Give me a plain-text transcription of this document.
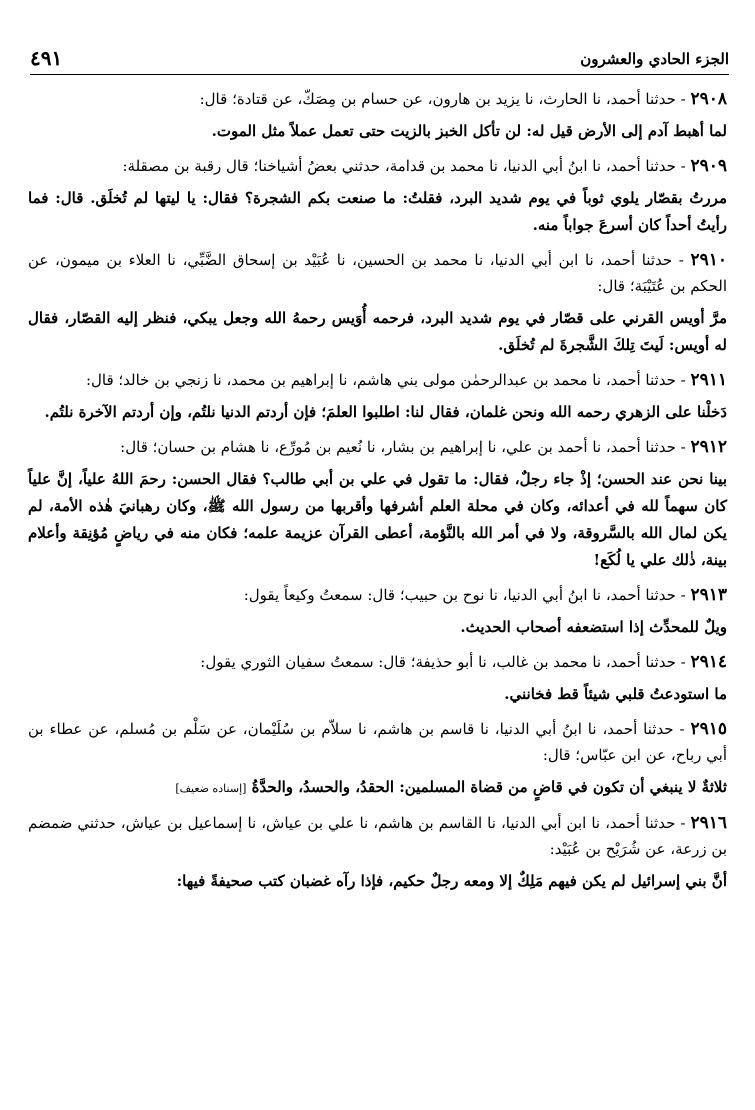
الجزء الحادي والعشرون
٤٩١

٢٩٠٨ - حدثنا أحمد، نا الحارث، نا يزيد بن هارون، عن حسام بن مِصَكّ، عن قتادة؛ قال:

لما أهبط آدم إلى الأرض قيل له: لن تأكل الخبز بالزيت حتى تعمل عملاً مثل الموت.

٢٩٠٩ - حدثنا أحمد، نا ابنُ أبي الدنيا، نا محمد بن قدامة، حدثني بعضُ أشياخنا؛ قال رقبة بن مصقلة:

مررتُ بقصّار يلوي ثوباً في يوم شديد البرد، فقلتُ: ما صنعت بكم الشجرة؟ فقال: يا ليتها لم تُخلَق. قال: فما رأيتُ أحداً كان أسرعَ جواباً منه.

٢٩١٠ - حدثنا أحمد، نا ابن أبي الدنيا، نا محمد بن الحسين، نا عُبَيْد بن إسحاق الضَّبِّي، نا العلاء بن ميمون، عن الحكم بن عُتَيْبَة؛ قال:

مرَّ أويس القرني على قصّار في يوم شديد البرد، فرحمه أُوَيس رحمهُ الله وجعل يبكي، فنظر إليه القصّار، فقال له أويس: لَيتَ تِلكَ الشَّجرةَ لم تُخلَق.

٢٩١١ - حدثنا أحمد، نا محمد بن عبدالرحمٰن مولى بني هاشم، نا إبراهيم بن محمد، نا زنجي بن خالد؛ قال:

دَخلْنا على الزهري رحمه الله ونحن غلمان، فقال لنا: اطلبوا العلمَ؛ فإن أردتم الدنيا نلتُم، وإن أردتم الآخرة نلتُم.

٢٩١٢ - حدثنا أحمد، نا أحمد بن علي، نا إبراهيم بن بشار، نا نُعيم بن مُورِّع، نا هشام بن حسان؛ قال:

بينا نحن عند الحسن؛ إذْ جاء رجلٌ، فقال: ما تقول في علي بن أبي طالب؟ فقال الحسن: رحمَ اللهُ علياً، إنَّ علياً كان سهماً لله في أعدائه، وكان في محلة العلم أشرفها وأقربها من رسول الله ﷺ، وكان رهبانيَ هٰذه الأمة، لم يكن لمال الله بالسَّروقة، ولا في أمر الله بالنَّؤمة، أعطى القرآن عزيمة علمه؛ فكان منه في رياضٍ مُؤنِقة وأعلام بينة، ذٰلك علي يا لُكَع!

٢٩١٣ - حدثنا أحمد، نا ابنُ أبي الدنيا، نا نوح بن حبيب؛ قال: سمعتُ وكيعاً يقول:

ويلٌ للمحدِّث إذا استضعفه أصحاب الحديث.

٢٩١٤ - حدثنا أحمد، نا محمد بن غالب، نا أبو حذيفة؛ قال: سمعتُ سفيان الثوري يقول:

ما استودعتُ قلبي شيئاً قط فخانني.

٢٩١٥ - حدثنا أحمد، نا ابنُ أبي الدنيا، نا قاسم بن هاشم، نا سلاّم بن سُلَيْمان، عن سَلْم بن مُسلم، عن عطاء بن أبي رباح، عن ابن عبّاس؛ قال:

ثلاثةٌ لا ينبغي أن تكون في قاضٍ من قضاة المسلمين: الحقدُ، والحسدُ، والحدَّةُ [إسناده ضعيف]

٢٩١٦ - حدثنا أحمد، نا ابن أبي الدنيا، نا القاسم بن هاشم، نا علي بن عياش، نا إسماعيل بن عياش، حدثني ضمضم بن زرعة، عن شُرَيْح بن عُبَيْد:

أنَّ بني إسرائيل لم يكن فيهم مَلِكٌ إلا ومعه رجلٌ حكيم، فإذا رآه غضبان كتب صحيفةً فيها:
